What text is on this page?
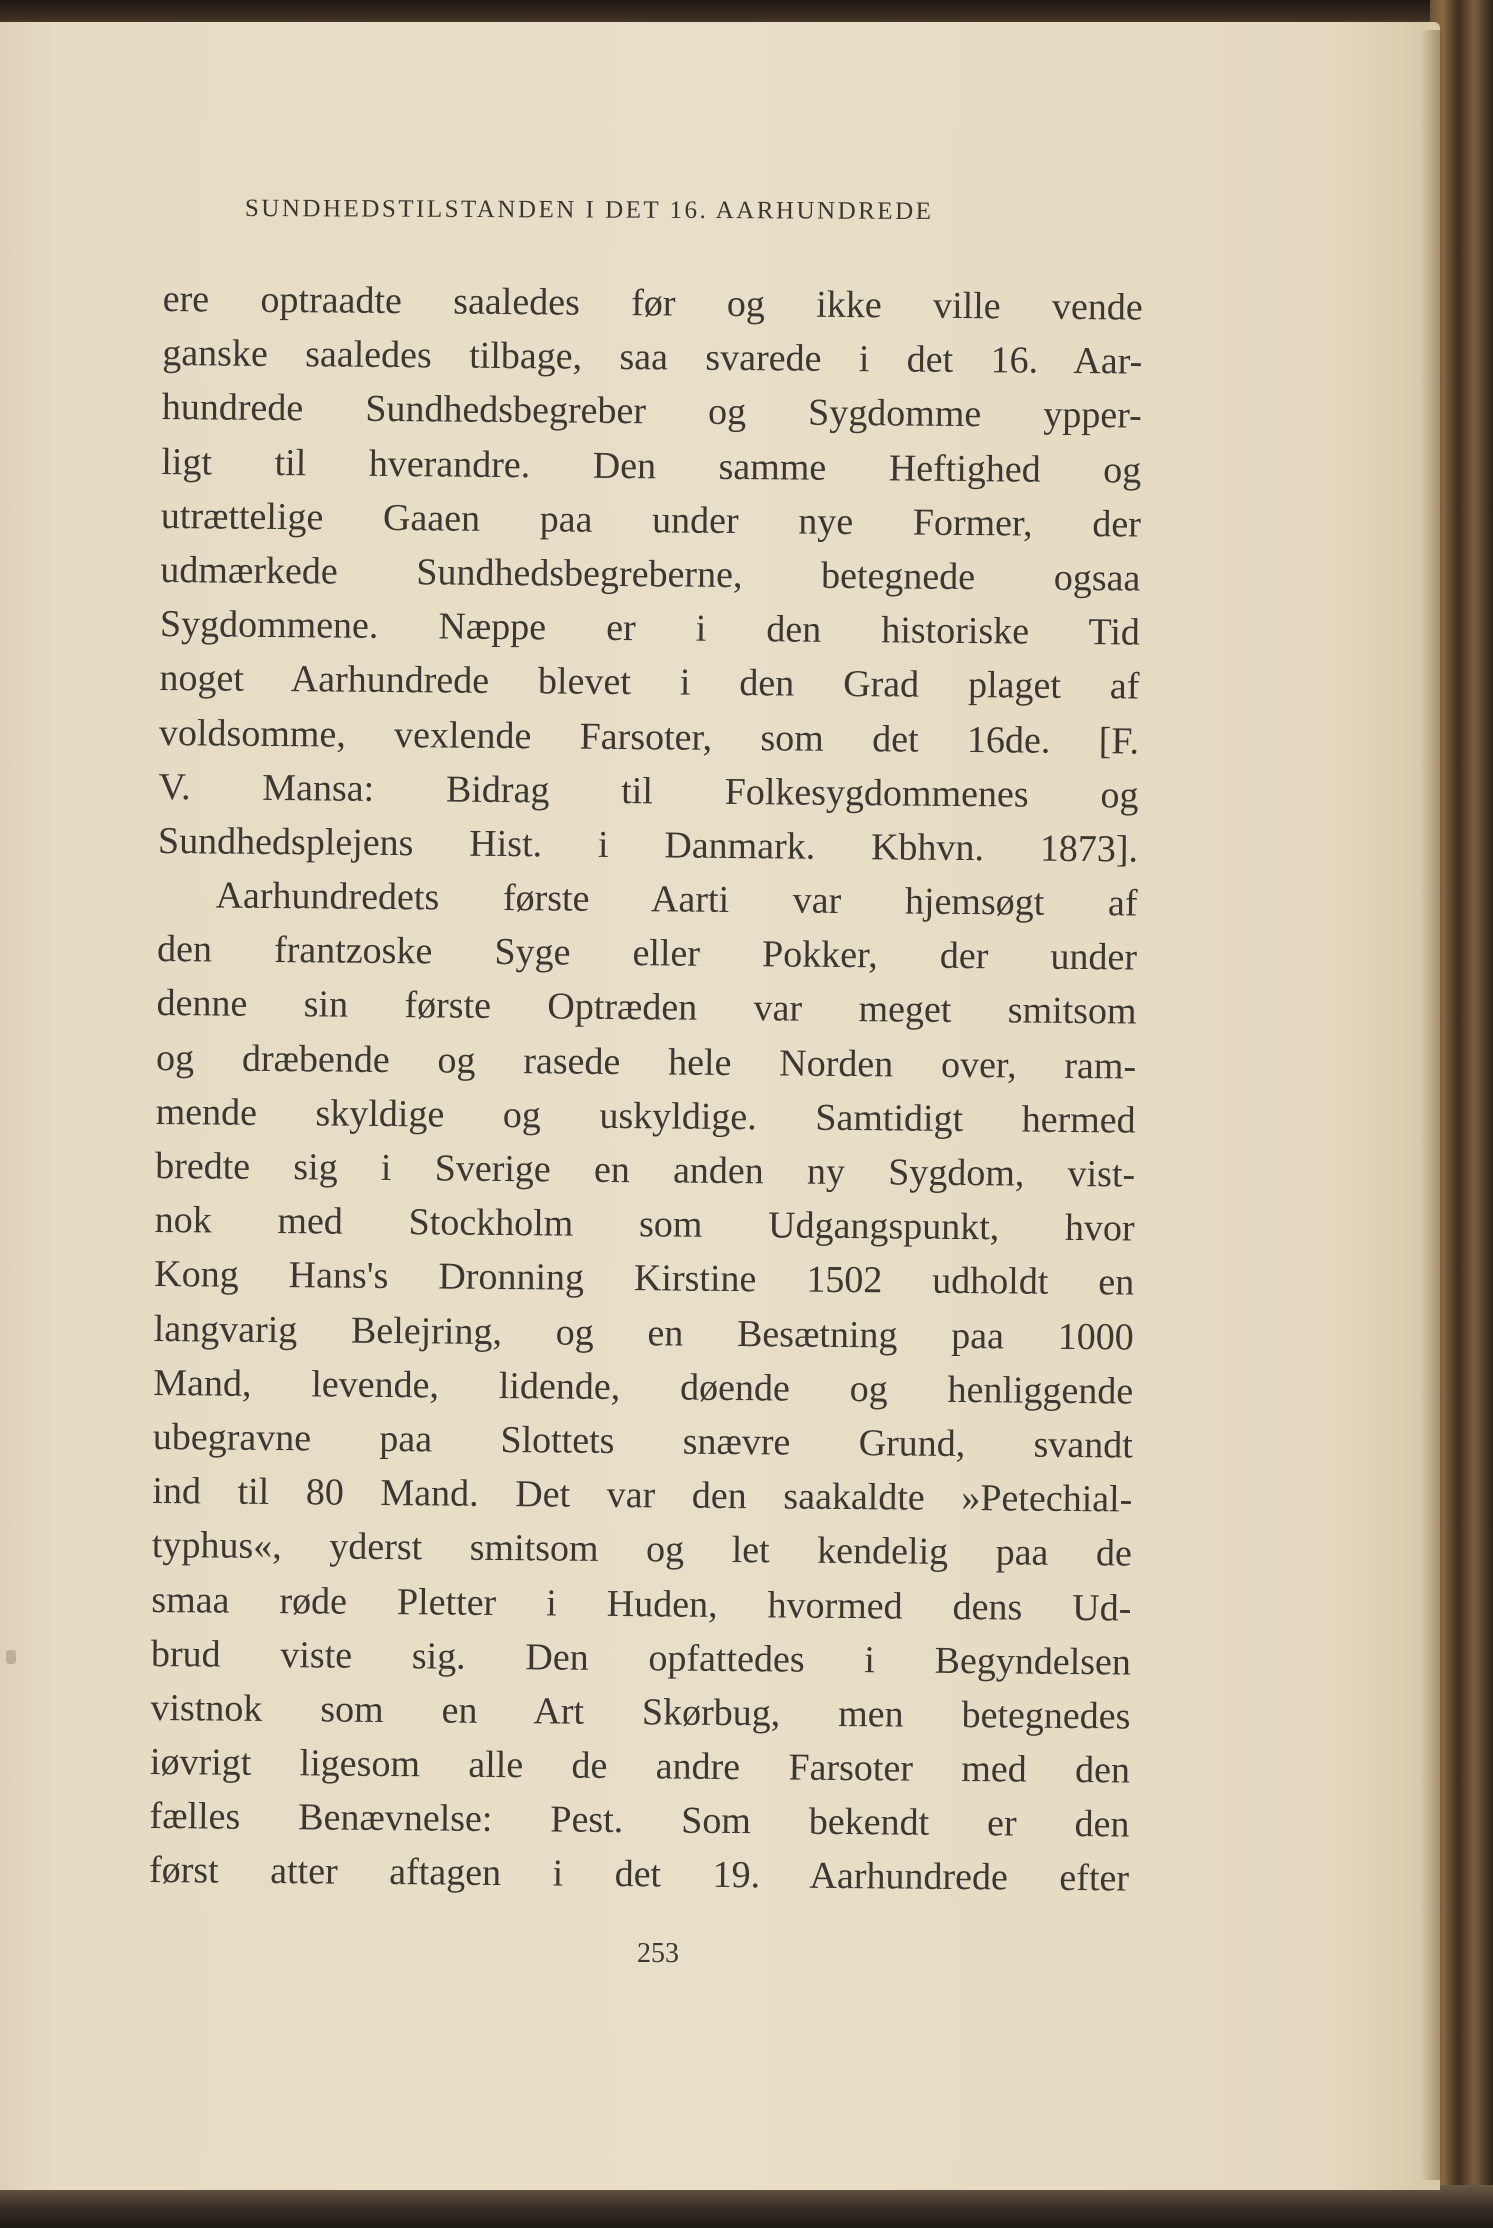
SUNDHEDSTILSTANDEN I DET 16. AARHUNDREDE
ere optraadte saaledes før og ikke ville vende
ganske saaledes tilbage, saa svarede i det 16. Aar-
hundrede Sundhedsbegreber og Sygdomme ypper-
ligt til hverandre. Den samme Heftighed og
utrættelige Gaaen paa under nye Former, der
udmærkede Sundhedsbegreberne, betegnede ogsaa
Sygdommene. Næppe er i den historiske Tid
noget Aarhundrede blevet i den Grad plaget af
voldsomme, vexlende Farsoter, som det 16de. [F.
V. Mansa: Bidrag til Folkesygdommenes og
Sundhedsplejens Hist. i Danmark. Kbhvn. 1873].
Aarhundredets første Aarti var hjemsøgt af
den frantzoske Syge eller Pokker, der under
denne sin første Optræden var meget smitsom
og dræbende og rasede hele Norden over, ram-
mende skyldige og uskyldige. Samtidigt hermed
bredte sig i Sverige en anden ny Sygdom, vist-
nok med Stockholm som Udgangspunkt, hvor
Kong Hans's Dronning Kirstine 1502 udholdt en
langvarig Belejring, og en Besætning paa 1000
Mand, levende, lidende, døende og henliggende
ubegravne paa Slottets snævre Grund, svandt
ind til 80 Mand. Det var den saakaldte »Petechial-
typhus«, yderst smitsom og let kendelig paa de
smaa røde Pletter i Huden, hvormed dens Ud-
brud viste sig. Den opfattedes i Begyndelsen
vistnok som en Art Skørbug, men betegnedes
iøvrigt ligesom alle de andre Farsoter med den
fælles Benævnelse: Pest. Som bekendt er den
først atter aftagen i det 19. Aarhundrede efter
253
